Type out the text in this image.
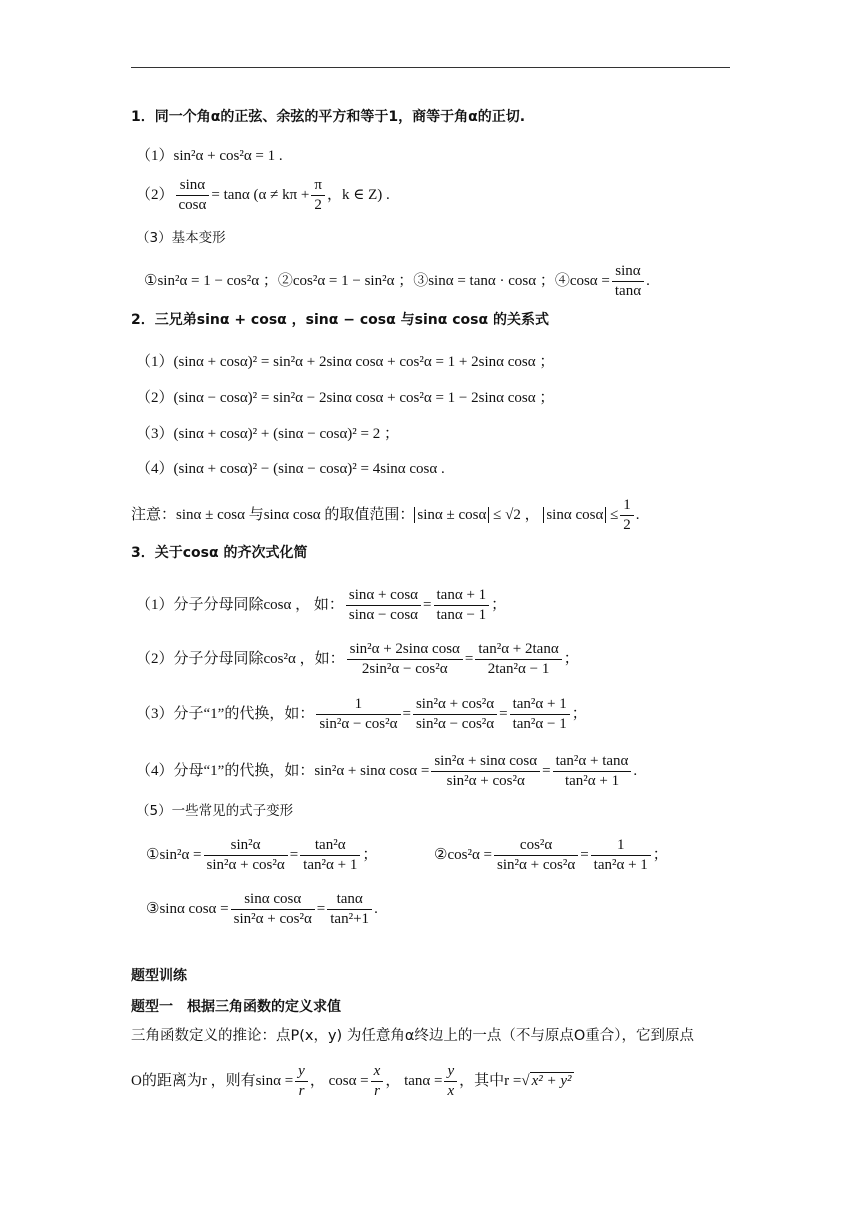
1．同一个角α的正弦、余弦的平方和等于1，商等于角α的正切.
（1）sin²α + cos²α = 1 .
$(2) \frac{\sin\alpha}{\cos\alpha} = \tan\alpha$ ($\alpha \ne k\pi + \frac{\pi}{2}$ ，k ∈ Z) .
（3）基本变形
①sin²α = 1 − cos²α ；②cos²α = 1 − sin²α ；③sinα = tanα · cosα ；④cosα = $\frac{\sin\alpha}{\tan\alpha}$ .
2．三兄弟sinα + cosα ，sinα − cosα 与sinα cosα 的关系式
（1）(sinα + cosα)² = sin²α + 2sinα cosα + cos²α = 1 + 2sinα cosα ；
（2）(sinα − cosα)² = sin²α − 2sinα cosα + cos²α = 1 − 2sinα cosα ；
（3）(sinα + cosα)² + (sinα − cosα)² = 2 ；
（4）(sinα + cosα)² − (sinα − cosα)² = 4sinα cosα .
注意：sinα ± cosα 与sinα cosα 的取值范围： sinα ± cosα ≤ √2 ， sinα $\cos\alpha \le \frac{1}{2}$ .
3．关于cosα 的齐次式化简
（1）分子分母同除cosα ， 如： $\frac{\sin\alpha + \cos\alpha}{\sin\alpha - \cos\alpha} = \frac{\tan\alpha + 1}{\tan\alpha - 1}$ ；
（2）分子分母同除cos²α ，如： $\frac{\text{sin²α + 2sinα cosα}}{\text{2sin²α − cos²α}} = \frac{\text{tan²α + 2tanα}}{\text{2tan²α − 1}}$ ；
（3）分子“1”的代换，如： $\frac{1}{\text{sin²α − cos²α}} = \frac{\text{sin²α + cos²α}}{\text{sin²α − cos²α}} = \frac{\text{tan²α + 1}}{\text{tan²α − 1}}$ ；
（4）分母“1”的代换，如：sin²α + sinα $\cos\alpha = \frac{\text{sin²α + sinα cosα}}{\text{sin²α + cos²α}} = \frac{\text{tan²α + tanα}}{\text{tan²α + 1}}$ .
（5）一些常见的式子变形
①sin²α = $\frac{\text{sin²α}}{\text{sin²α + cos²α}} = \frac{\text{tan²α}}{\text{tan²α + 1}}$ ；	②cos²α = $\frac{\text{cos²α}}{\text{sin²α + cos²α}} = \frac{1}{\text{tan²α + 1}}$ ；
③sinα $\cos\alpha = \frac{\text{sinα cosα}}{\text{sin²α + cos²α}} = \frac{\tan\alpha}{\text{tan²+1}}$ .
题型训练
题型一　根据三角函数的定义求值
三角函数定义的推论：点P(x，y) 为任意角α终边上的一点（不与原点O重合），它到原点
O的距离为r ，则有$\sin\alpha = \frac{y}{r}$ ， $\cos\alpha = \frac{x}{r}$ ， $\tan\alpha = \frac{y}{x}$ ，其中r =√ x² + y²
